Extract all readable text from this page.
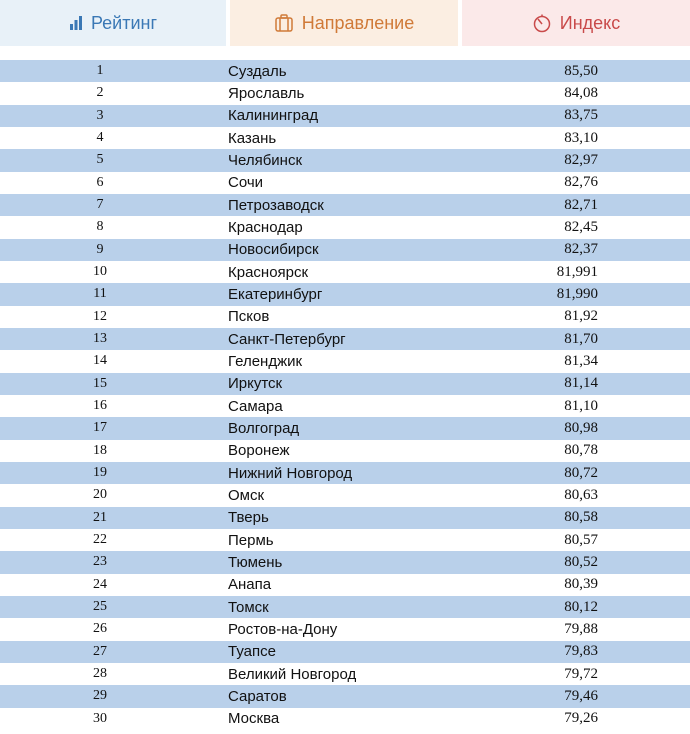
Рейтинг	Направление	Индекс
1	Суздаль	85,50
2	Ярославль	84,08
3	Калининград	83,75
4	Казань	83,10
5	Челябинск	82,97
6	Сочи	82,76
7	Петрозаводск	82,71
8	Краснодар	82,45
9	Новосибирск	82,37
10	Красноярск	81,991
11	Екатеринбург	81,990
12	Псков	81,92
13	Санкт-Петербург	81,70
14	Геленджик	81,34
15	Иркутск	81,14
16	Самара	81,10
17	Волгоград	80,98
18	Воронеж	80,78
19	Нижний Новгород	80,72
20	Омск	80,63
21	Тверь	80,58
22	Пермь	80,57
23	Тюмень	80,52
24	Анапа	80,39
25	Томск	80,12
26	Ростов-на-Дону	79,88
27	Туапсе	79,83
28	Великий Новгород	79,72
29	Саратов	79,46
30	Москва	79,26
